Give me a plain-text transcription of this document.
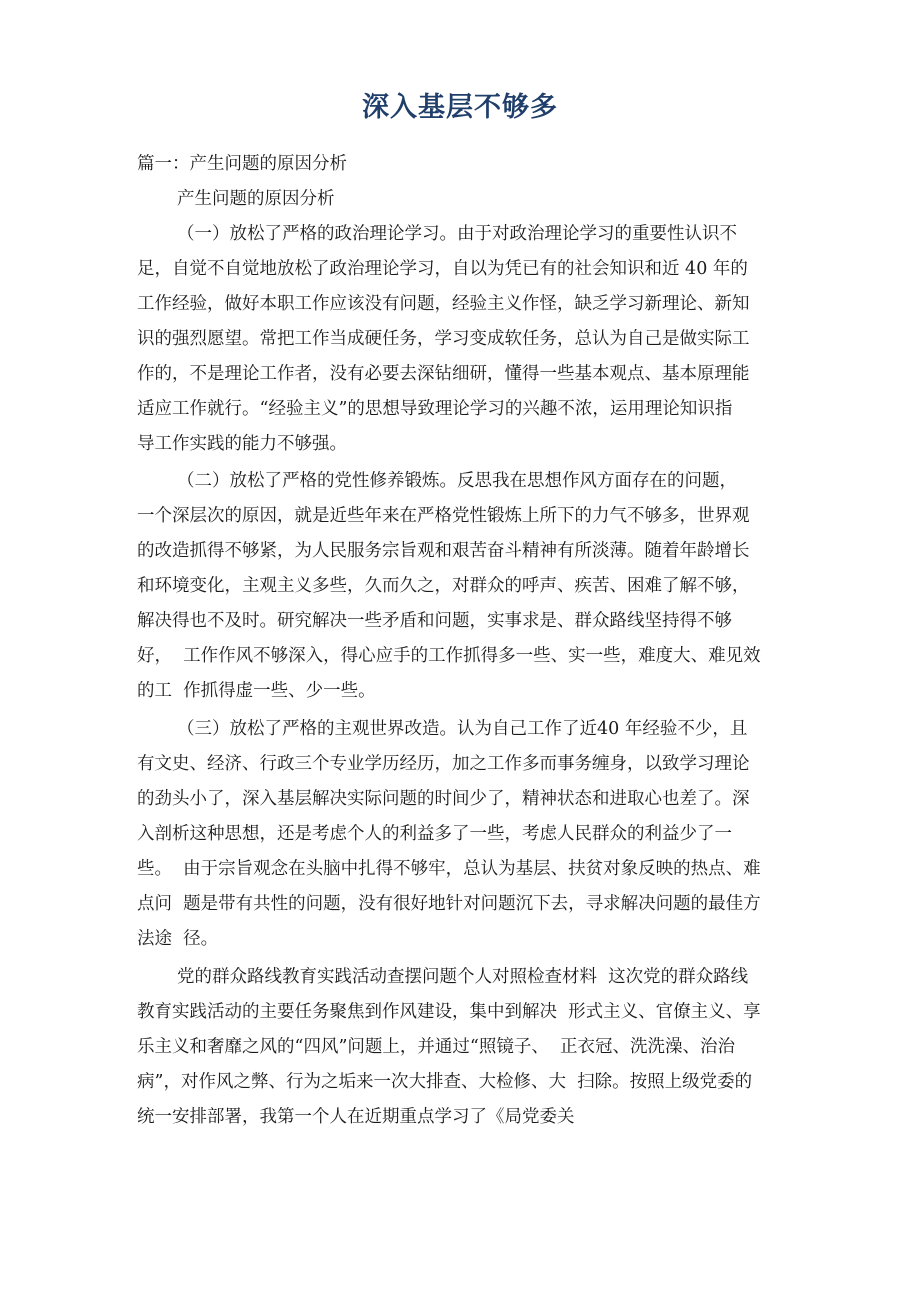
深入基层不够多

篇一：产生问题的原因分析

产生问题的原因分析

（一）放松了严格的政治理论学习。由于对政治理论学习的重要性认识不

足，自觉不自觉地放松了政治理论学习，自以为凭已有的社会知识和近 40 年的

工作经验，做好本职工作应该没有问题，经验主义作怪，缺乏学习新理论、新知

识的强烈愿望。常把工作当成硬任务，学习变成软任务，总认为自己是做实际工

作的，不是理论工作者，没有必要去深钻细研，懂得一些基本观点、基本原理能

适应工作就行。“经验主义”的思想导致理论学习的兴趣不浓，运用理论知识指

导工作实践的能力不够强。

（二）放松了严格的党性修养锻炼。反思我在思想作风方面存在的问题，

一个深层次的原因，就是近些年来在严格党性锻炼上所下的力气不够多，世界观

的改造抓得不够紧，为人民服务宗旨观和艰苦奋斗精神有所淡薄。随着年龄增长

和环境变化，主观主义多些，久而久之，对群众的呼声、疾苦、困难了解不够，

解决得也不及时。研究解决一些矛盾和问题，实事求是、群众路线坚持得不够

好，  工作作风不够深入，得心应手的工作抓得多一些、实一些，难度大、难见效

的工  作抓得虚一些、少一些。

（三）放松了严格的主观世界改造。认为自己工作了近40 年经验不少，且

有文史、经济、行政三个专业学历经历，加之工作多而事务缠身，以致学习理论

的劲头小了，深入基层解决实际问题的时间少了，精神状态和进取心也差了。深

入剖析这种思想，还是考虑个人的利益多了一些，考虑人民群众的利益少了一

些。  由于宗旨观念在头脑中扎得不够牢，总认为基层、扶贫对象反映的热点、难

点问  题是带有共性的问题，没有很好地针对问题沉下去，寻求解决问题的最佳方

法途  径。

党的群众路线教育实践活动查摆问题个人对照检查材料  这次党的群众路线

教育实践活动的主要任务聚焦到作风建设，集中到解决  形式主义、官僚主义、享

乐主义和奢靡之风的“四风”问题上，并通过“照镜子、  正衣冠、洗洗澡、治治

病”，对作风之弊、行为之垢来一次大排查、大检修、大  扫除。按照上级党委的

统一安排部署，我第一个人在近期重点学习了《局党委关
